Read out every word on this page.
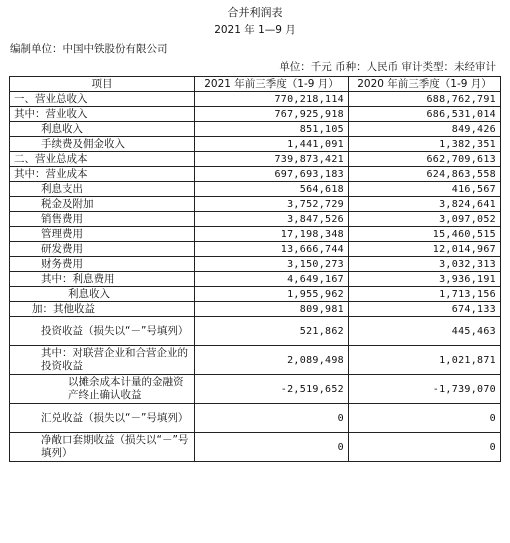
合并利润表
2021 年 1—9 月
编制单位：中国中铁股份有限公司
单位：千元 币种：人民币 审计类型：未经审计
项目	2021 年前三季度（1-9 月）	2020 年前三季度（1-9 月）
一、营业总收入	770,218,114	688,762,791
其中：营业收入	767,925,918	686,531,014
利息收入	851,105	849,426
手续费及佣金收入	1,441,091	1,382,351
二、营业总成本	739,873,421	662,709,613
其中：营业成本	697,693,183	624,863,558
利息支出	564,618	416,567
税金及附加	3,752,729	3,824,641
销售费用	3,847,526	3,097,052
管理费用	17,198,348	15,460,515
研发费用	13,666,744	12,014,967
财务费用	3,150,273	3,032,313
其中：利息费用	4,649,167	3,936,191
利息收入	1,955,962	1,713,156
加：其他收益	809,981	674,133
投资收益（损失以“－”号填列）	521,862	445,463
其中：对联营企业和合营企业的投资收益	2,089,498	1,021,871
以摊余成本计量的金融资产终止确认收益	-2,519,652	-1,739,070
汇兑收益（损失以“－”号填列）	0	0
净敞口套期收益（损失以“－”号填列）	0	0
